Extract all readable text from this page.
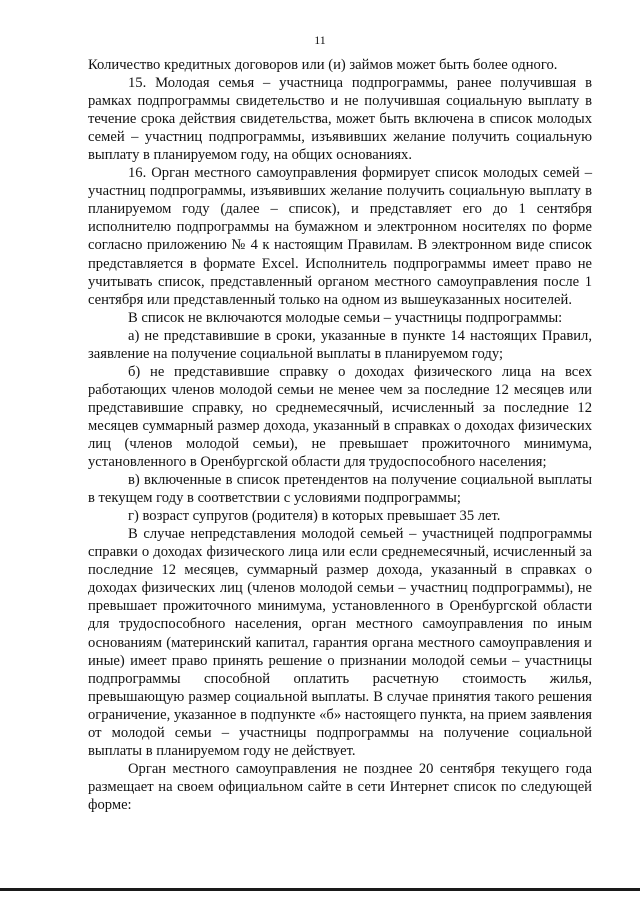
11

Количество кредитных договоров или (и) займов может быть более одного.

15. Молодая семья – участница подпрограммы, ранее получившая в рамках подпрограммы свидетельство и не получившая социальную выплату в течение срока действия свидетельства, может быть включена в список молодых семей – участниц подпрограммы, изъявивших желание получить социальную выплату в планируемом году, на общих основаниях.

16. Орган местного самоуправления формирует список молодых семей – участниц подпрограммы, изъявивших желание получить социальную выплату в планируемом году (далее – список), и представляет его до 1 сентября исполнителю подпрограммы на бумажном и электронном носителях по форме согласно приложению № 4 к настоящим Правилам. В электронном виде список представляется в формате Excel. Исполнитель подпрограммы имеет право не учитывать список, представленный органом местного самоуправления после 1 сентября или представленный только на одном из вышеуказанных носителей.

В список не включаются молодые семьи – участницы подпрограммы:

а) не представившие в сроки, указанные в пункте 14 настоящих Правил, заявление на получение социальной выплаты в планируемом году;

б) не представившие справку о доходах физического лица на всех работающих членов молодой семьи не менее чем за последние 12 месяцев или представившие справку, но среднемесячный, исчисленный за последние 12 месяцев суммарный размер дохода, указанный в справках о доходах физических лиц (членов молодой семьи), не превышает прожиточного минимума, установленного в Оренбургской области для трудоспособного населения;

в) включенные в список претендентов на получение социальной выплаты в текущем году в соответствии с условиями подпрограммы;

г) возраст супругов (родителя) в которых превышает 35 лет.

В случае непредставления молодой семьей – участницей подпрограммы справки о доходах физического лица или если среднемесячный, исчисленный за последние 12 месяцев, суммарный размер дохода, указанный в справках о доходах физических лиц (членов молодой семьи – участниц подпрограммы), не превышает прожиточного минимума, установленного в Оренбургской области для трудоспособного населения, орган местного самоуправления по иным основаниям (материнский капитал, гарантия органа местного самоуправления и иные) имеет право принять решение о признании молодой семьи – участницы подпрограммы способной оплатить расчетную стоимость жилья, превышающую размер социальной выплаты. В случае принятия такого решения ограничение, указанное в подпункте «б» настоящего пункта, на прием заявления от молодой семьи – участницы подпрограммы на получение социальной выплаты в планируемом году не действует.

Орган местного самоуправления не позднее 20 сентября текущего года размещает на своем официальном сайте в сети Интернет список по следующей форме:
